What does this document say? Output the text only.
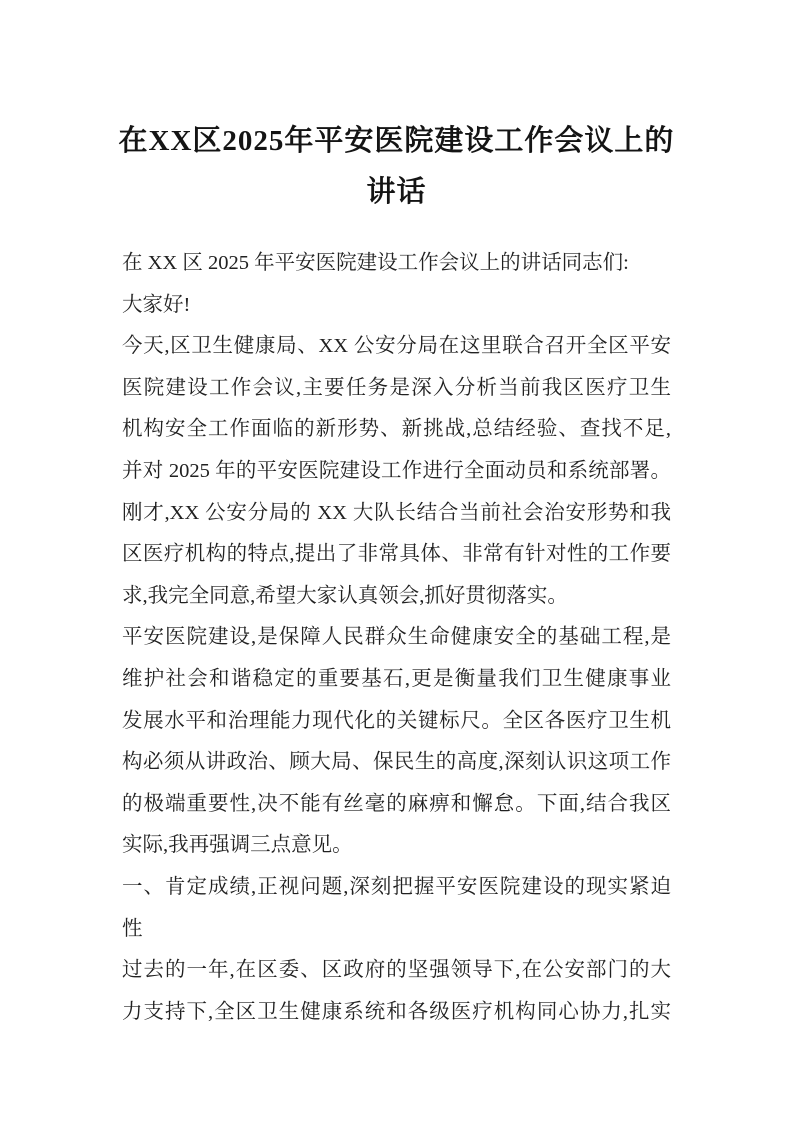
在XX区2025年平安医院建设工作会议上的
讲话
在 XX 区 2025 年平安医院建设工作会议上的讲话同志们:
大家好!
今天,区卫生健康局、XX 公安分局在这里联合召开全区平安
医院建设工作会议,主要任务是深入分析当前我区医疗卫生
机构安全工作面临的新形势、新挑战,总结经验、查找不足,
并对 2025 年的平安医院建设工作进行全面动员和系统部署。
刚才,XX 公安分局的 XX 大队长结合当前社会治安形势和我
区医疗机构的特点,提出了非常具体、非常有针对性的工作要
求,我完全同意,希望大家认真领会,抓好贯彻落实。
平安医院建设,是保障人民群众生命健康安全的基础工程,是
维护社会和谐稳定的重要基石,更是衡量我们卫生健康事业
发展水平和治理能力现代化的关键标尺。全区各医疗卫生机
构必须从讲政治、顾大局、保民生的高度,深刻认识这项工作
的极端重要性,决不能有丝毫的麻痹和懈怠。下面,结合我区
实际,我再强调三点意见。
一、肯定成绩,正视问题,深刻把握平安医院建设的现实紧迫
性
过去的一年,在区委、区政府的坚强领导下,在公安部门的大
力支持下,全区卫生健康系统和各级医疗机构同心协力,扎实
